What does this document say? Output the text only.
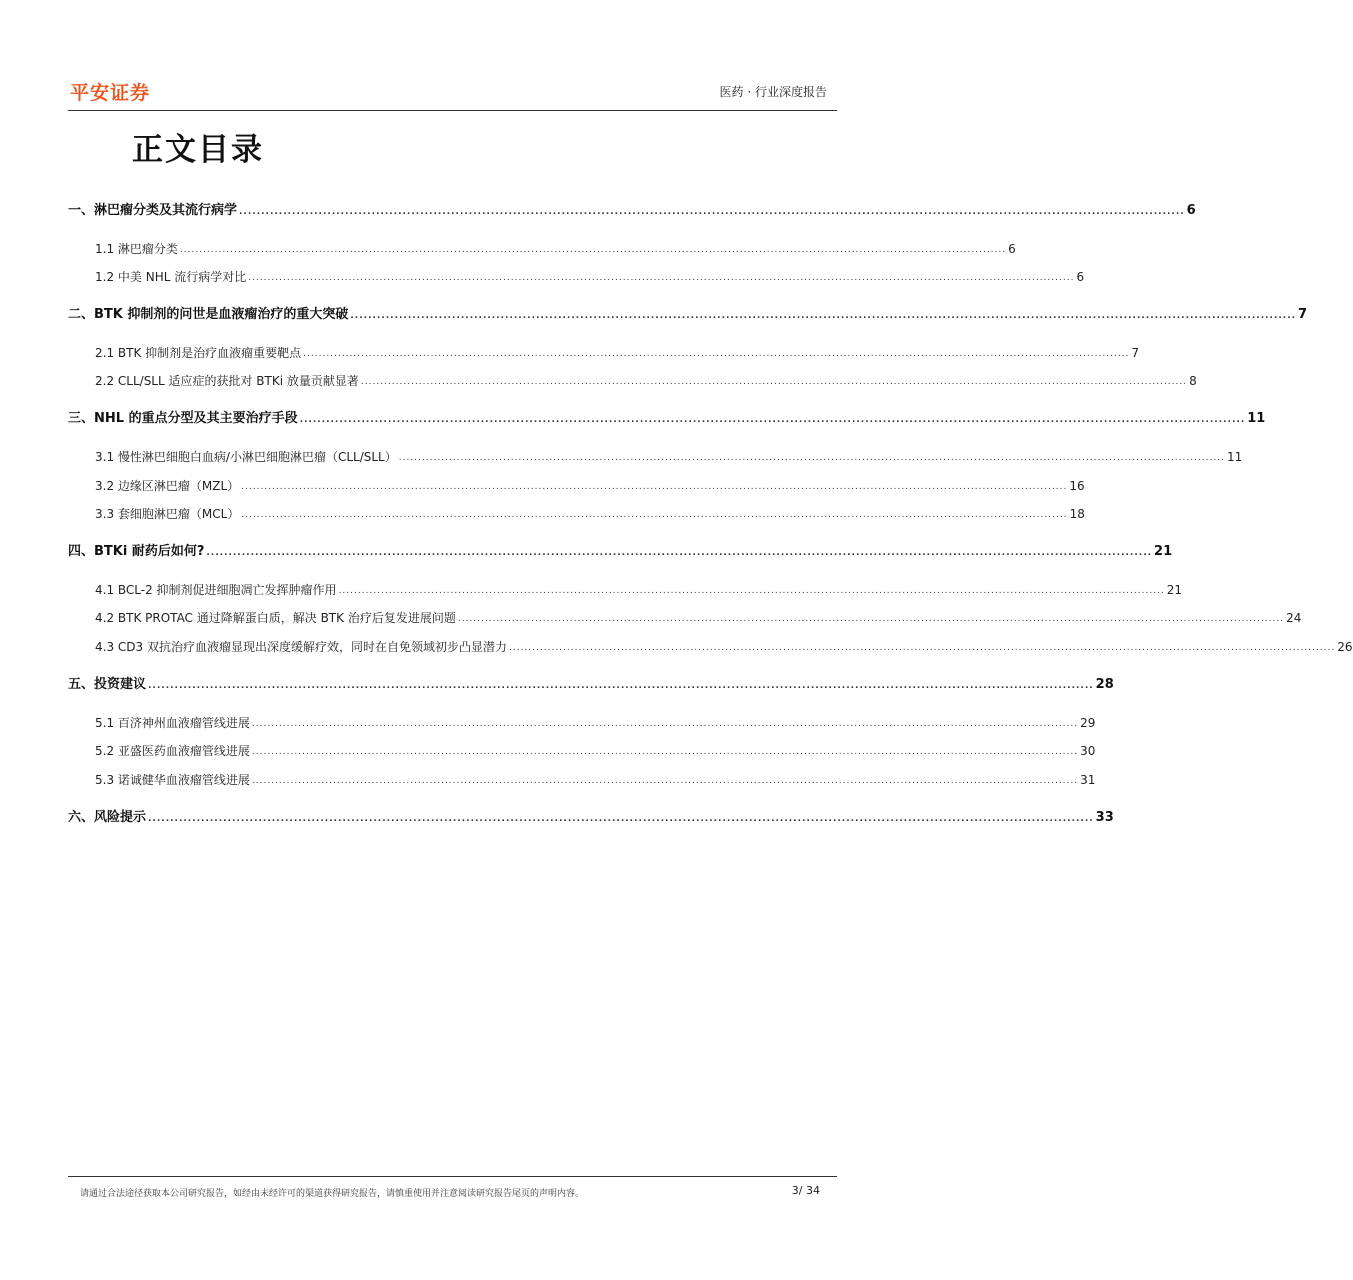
平安证券	医药 · 行业深度报告
正文目录
一、淋巴瘤分类及其流行病学 ...................................................................................................................................................................................................................... 6
1.1 淋巴瘤分类 ...................................................................................................................................................................................................................... 6
1.2 中美 NHL 流行病学对比 ...................................................................................................................................................................................................................... 6
二、BTK 抑制剂的问世是血液瘤治疗的重大突破 ...................................................................................................................................................................................................................... 7
2.1 BTK 抑制剂是治疗血液瘤重要靶点 ...................................................................................................................................................................................................................... 7
2.2 CLL/SLL 适应症的获批对 BTKi 放量贡献显著 ...................................................................................................................................................................................................................... 8
三、NHL 的重点分型及其主要治疗手段 ...................................................................................................................................................................................................................... 11
3.1 慢性淋巴细胞白血病/小淋巴细胞淋巴瘤（CLL/SLL） ...................................................................................................................................................................................................................... 11
3.2 边缘区淋巴瘤（MZL） ...................................................................................................................................................................................................................... 16
3.3 套细胞淋巴瘤（MCL） ...................................................................................................................................................................................................................... 18
四、BTKi 耐药后如何? ...................................................................................................................................................................................................................... 21
4.1 BCL-2 抑制剂促进细胞凋亡发挥肿瘤作用 ...................................................................................................................................................................................................................... 21
4.2 BTK PROTAC 通过降解蛋白质，解决 BTK 治疗后复发进展问题 ...................................................................................................................................................................................................................... 24
4.3 CD3 双抗治疗血液瘤显现出深度缓解疗效，同时在自免领域初步凸显潜力 ...................................................................................................................................................................................................................... 26
五、投资建议 ...................................................................................................................................................................................................................... 28
5.1 百济神州血液瘤管线进展 ...................................................................................................................................................................................................................... 29
5.2 亚盛医药血液瘤管线进展 ...................................................................................................................................................................................................................... 30
5.3 诺诚健华血液瘤管线进展 ...................................................................................................................................................................................................................... 31
六、风险提示 ...................................................................................................................................................................................................................... 33
请通过合法途径获取本公司研究报告，如经由未经许可的渠道获得研究报告，请慎重使用并注意阅读研究报告尾页的声明内容。	3/ 34
